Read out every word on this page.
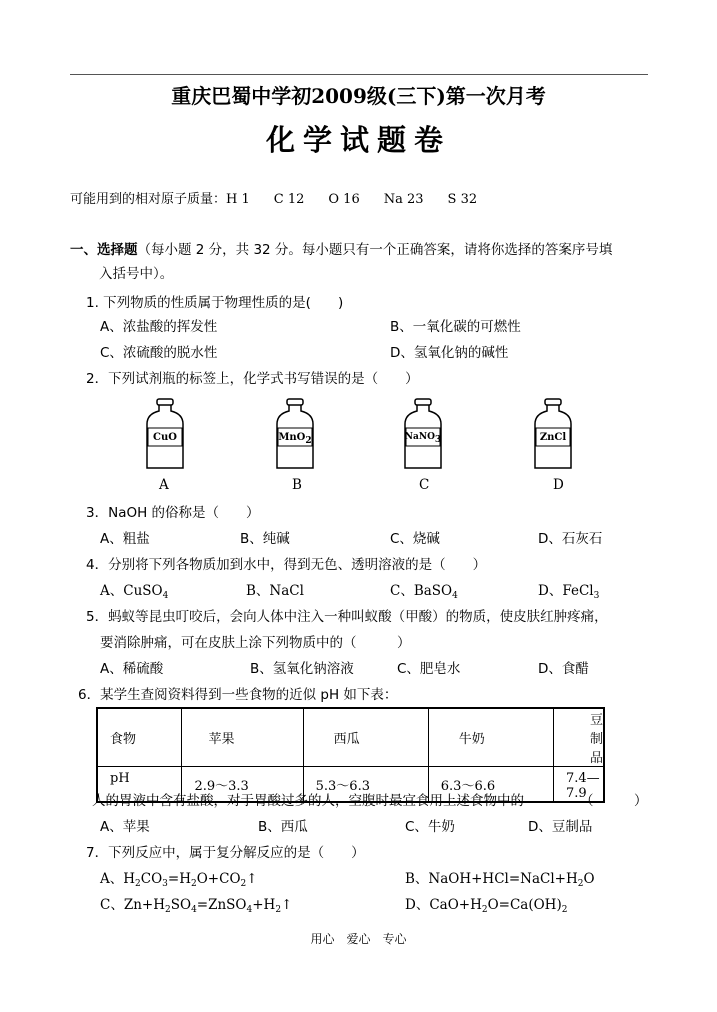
重庆巴蜀中学初2009级(三下)第一次月考
化学试题卷
可能用到的相对原子质量：H 1 C 12 O 16 Na 23 S 32
一、选择题（每小题 2 分，共 32 分。每小题只有一个正确答案，请将你选择的答案序号填
入括号中）。
1. 下列物质的性质属于物理性质的是(　　)
A、浓盐酸的挥发性	B、一氧化碳的可燃性
C、浓硫酸的脱水性	D、氢氧化钠的碱性
2．下列试剂瓶的标签上，化学式书写错误的是（　　）
CuO
A
MnO$_2$
B
NaNO$_3$
C
ZnCl
D
3．NaOH 的俗称是（　　）
A、粗盐	B、纯碱	C、烧碱	D、石灰石
4．分别将下列各物质加到水中，得到无色、透明溶液的是（　　）
A、CuSO$_4$	B、NaCl	C、BaSO$_4$	D、FeCl$_3$
5．蚂蚁等昆虫叮咬后，会向人体中注入一种叫蚁酸（甲酸）的物质，使皮肤红肿疼痛，
要消除肿痛，可在皮肤上涂下列物质中的（　　　）
A、稀硫酸	B、氢氧化钠溶液	C、肥皂水	D、食醋
6．某学生查阅资料得到一些食物的近似 pH 如下表：
食物	苹果	西瓜	牛奶	豆制品
pH	2.9～3.3	5.3～6.3	6.3～6.6	7.4—7.9
人的胃液中含有盐酸，对于胃酸过多的人，空腹时最宜食用上述食物中的	（　　　）
A、苹果	B、西瓜	C、牛奶	D、豆制品
7．下列反应中，属于复分解反应的是（　　）
A、$H_2CO_3=H_2O+CO_2↑$	B、$NaOH+HCl=NaCl+H_2O$
C、$Zn+H_2SO_4=ZnSO_4+H_2↑$	D、$CaO+H_2O=Ca(OH)_2$
用心　爱心　专心
